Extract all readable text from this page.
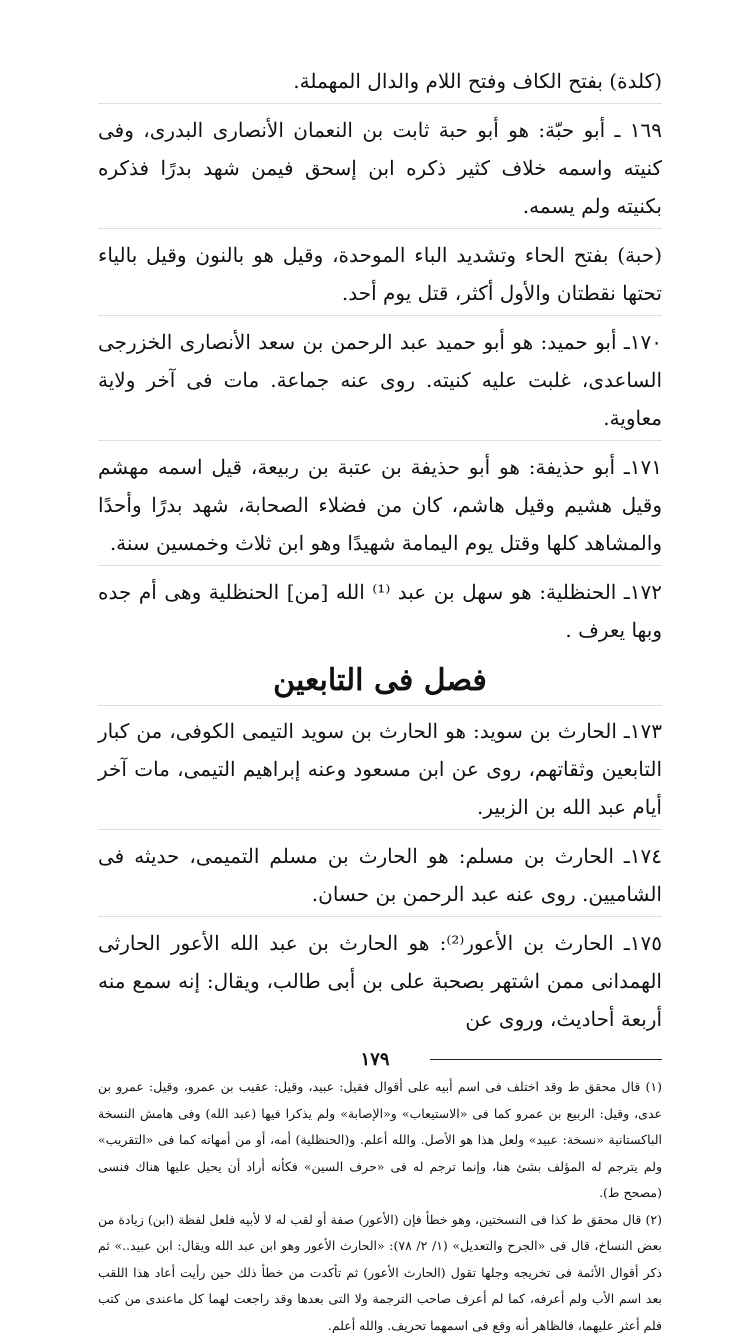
(كلدة) بفتح الكاف وفتح اللام والدال المهملة.

١٦٩ ـ أبو حبّة: هو أبو حبة ثابت بن النعمان الأنصارى البدرى، وفى كنيته واسمه خلاف كثير ذكره ابن إسحق فيمن شهد بدرًا فذكره بكنيته ولم يسمه.

(حبة) بفتح الحاء وتشديد الباء الموحدة، وقيل هو بالنون وقيل بالياء تحتها نقطتان والأول أكثر، قتل يوم أحد.

١٧٠ـ أبو حميد: هو أبو حميد عبد الرحمن بن سعد الأنصارى الخزرجى الساعدى، غلبت عليه كنيته. روى عنه جماعة. مات فى آخر ولاية معاوية.

١٧١ـ أبو حذيفة: هو أبو حذيفة بن عتبة بن ربيعة، قيل اسمه مهشم وقيل هشيم وقيل هاشم، كان من فضلاء الصحابة، شهد بدرًا وأحدًا والمشاهد كلها وقتل يوم اليمامة شهيدًا وهو ابن ثلاث وخمسين سنة.

١٧٢ـ الحنظلية: هو سهل بن عبد ⁽¹⁾ الله [من] الحنظلية وهى أم جده وبها يعرف .

فصل فى التابعين

١٧٣ـ الحارث بن سويد: هو الحارث بن سويد التيمى الكوفى، من كبار التابعين وثقاتهم، روى عن ابن مسعود وعنه إبراهيم التيمى، مات آخر أيام عبد الله بن الزبير.

١٧٤ـ الحارث بن مسلم: هو الحارث بن مسلم التميمى، حديثه فى الشاميين. روى عنه عبد الرحمن بن حسان.

١٧٥ـ الحارث بن الأعور⁽²⁾: هو الحارث بن عبد الله الأعور الحارثى الهمدانى ممن اشتهر بصحبة على بن أبى طالب، ويقال: إنه سمع منه أربعة أحاديث، وروى عن

(١) قال محقق ط وقد اختلف فى اسم أبيه على أقوال فقيل: عبيد، وقيل: عقيب بن عمرو، وقيل: عمرو بن عدى، وقيل: الربيع بن عمرو كما فى «الاستيعاب» و«الإصابة» ولم يذكرا فيها (عبد الله) وفى هامش النسخة الباكستانية «نسخة: عبيد» ولعل هذا هو الأصل. والله أعلم. و(الحنظلية) أمه، أو من أمهاته كما فى «التقريب» ولم يترجم له المؤلف بشئ هنا، وإنما ترجم له فى «حرف السين» فكأنه أراد أن يحيل عليها هناك فنسى (مصحح ط).

(٢) قال محقق ط كذا فى النسختين، وهو خطأ فإن (الأعور) صفة أو لقب له لا لأبيه فلعل لفظة (ابن) زيادة من بعض النساخ، قال فى «الجرح والتعديل» (١/ ٢/ ٧٨): «الحارث الأعور وهو ابن عبد الله ويقال: ابن عبيد..» ثم ذكر أقوال الأئمة فى تخريجه وجلها تقول (الحارث الأعور) ثم تأكدت من خطأ ذلك حين رأيت أعاد هذا اللقب بعد اسم الأب ولم أعرفه، كما لم أعرف صاحب الترجمة ولا التى بعدها وقد راجعت لهما كل ماعندى من كتب فلم أعثر عليهما، فالظاهر أنه وقع فى اسمهما تحريف. والله أعلم.

١٧٩
